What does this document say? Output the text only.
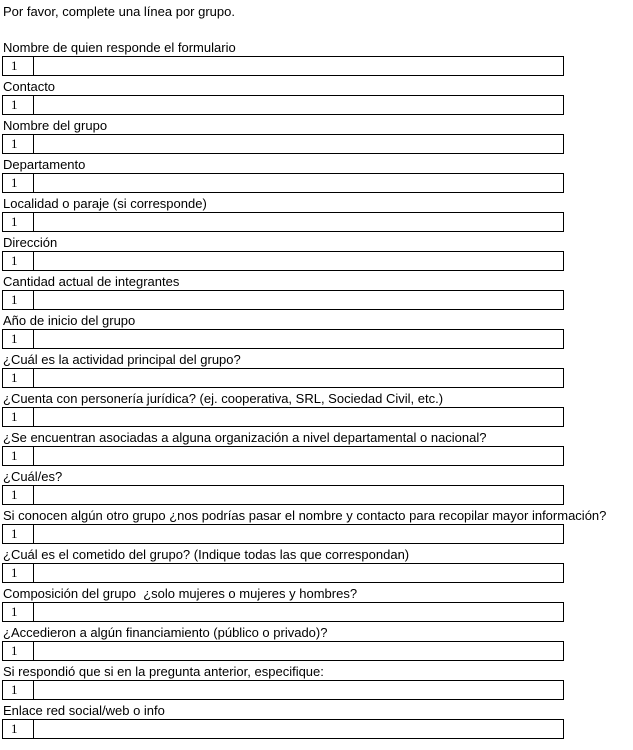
Por favor, complete una línea por grupo.
Nombre de quien responde el formulario
1
Contacto
1
Nombre del grupo
1
Departamento
1
Localidad o paraje (si corresponde)
1
Dirección
1
Cantidad actual de integrantes
1
Año de inicio del grupo
1
¿Cuál es la actividad principal del grupo?
1
¿Cuenta con personería jurídica? (ej. cooperativa, SRL, Sociedad Civil, etc.)
1
¿Se encuentran asociadas a alguna organización a nivel departamental o nacional?
1
¿Cuál/es?
1
Si conocen algún otro grupo ¿nos podrías pasar el nombre y contacto para recopilar mayor información?
1
¿Cuál es el cometido del grupo? (Indique todas las que correspondan)
1
Composición del grupo  ¿solo mujeres o mujeres y hombres?
1
¿Accedieron a algún financiamiento (público o privado)?
1
Si respondió que si en la pregunta anterior, especifique:
1
Enlace red social/web o info
1
